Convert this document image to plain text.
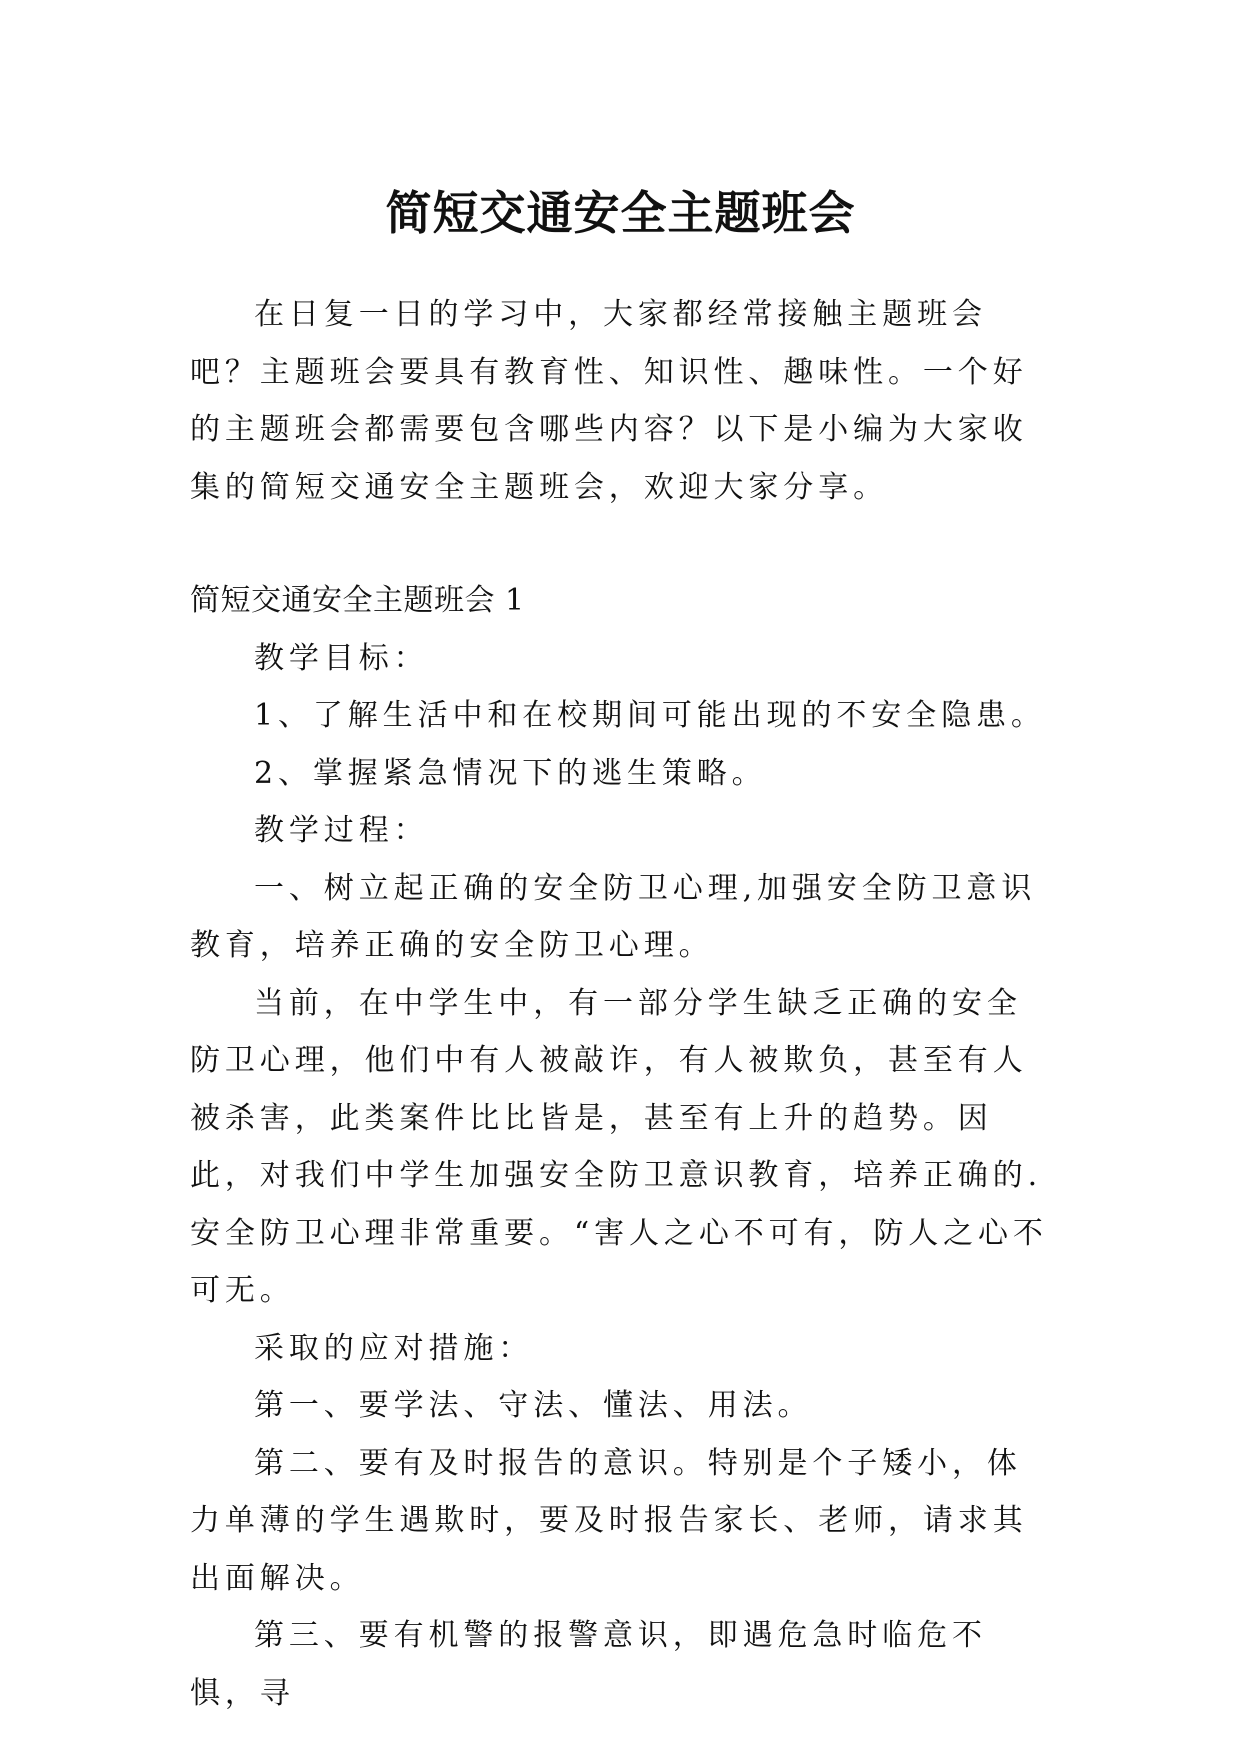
简短交通安全主题班会

在日复一日的学习中，大家都经常接触主题班会吧？主题班会要具有教育性、知识性、趣味性。一个好的主题班会都需要包含哪些内容？以下是小编为大家收集的简短交通安全主题班会，欢迎大家分享。

简短交通安全主题班会 1

教学目标：

1、了解生活中和在校期间可能出现的不安全隐患。

2、掌握紧急情况下的逃生策略。

教学过程：

一、树立起正确的安全防卫心理,加强安全防卫意识教育，培养正确的安全防卫心理。

当前，在中学生中，有一部分学生缺乏正确的安全防卫心理，他们中有人被敲诈，有人被欺负，甚至有人被杀害，此类案件比比皆是，甚至有上升的趋势。因此，对我们中学生加强安全防卫意识教育，培养正确的.安全防卫心理非常重要。“害人之心不可有，防人之心不可无。

采取的应对措施：

第一、要学法、守法、懂法、用法。

第二、要有及时报告的意识。特别是个子矮小，体力单薄的学生遇欺时，要及时报告家长、老师，请求其出面解决。

第三、要有机警的报警意识，即遇危急时临危不惧，寻
